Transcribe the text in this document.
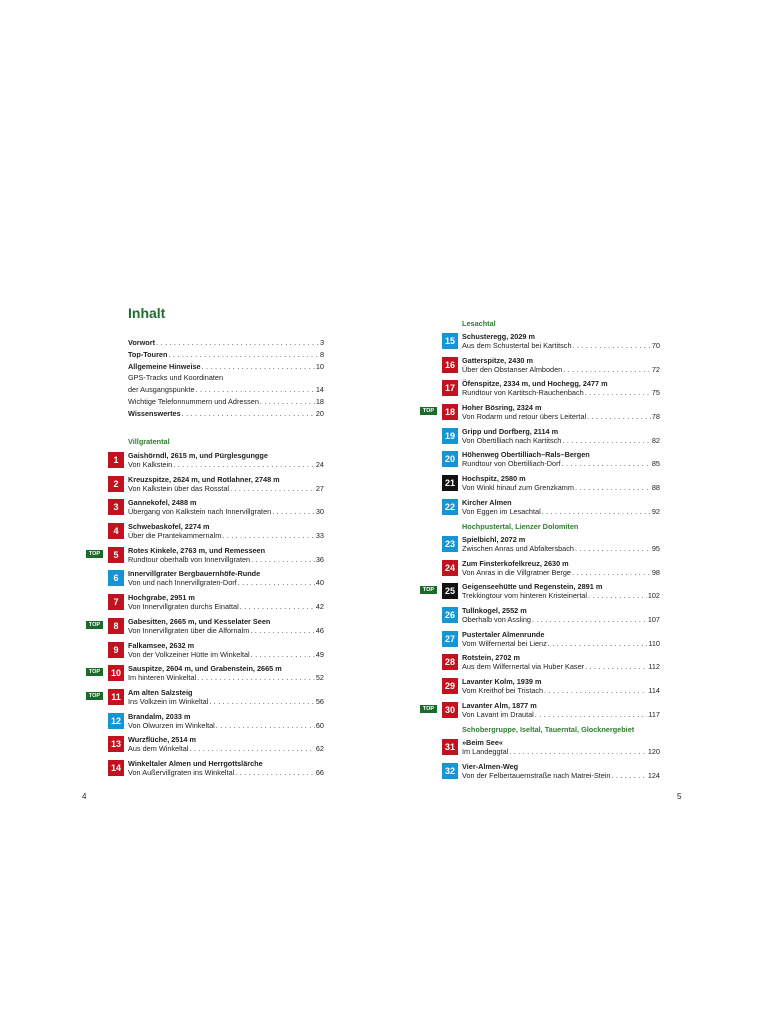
Inhalt
Vorwort . . .	3
Top-Touren . . .	8
Allgemeine Hinweise . . .	10
GPS-Tracks und Koordinaten
der Ausgangspunkte . . .	14
Wichtige Telefonnummern und Adressen . . .	18
Wissenswertes . . .	20
Villgratental
1	Gaishörndl, 2615 m, und Pürglesgungge
Von Kalkstein . . .	24
2	Kreuzspitze, 2624 m, und Rotlahner, 2748 m
Von Kalkstein über das Rosstal . . .	27
3	Gannekofel, 2488 m
Übergang von Kalkstein nach Innervillgraten . . .	30
4	Schwebaskofel, 2274 m
Über die Prantekammernalm . . .	33
TOP	5	Rotes Kinkele, 2763 m, und Remesseen
Rundtour oberhalb von Innervillgraten . . .	36
6	Innervillgrater Bergbauernhöfe-Runde
Von und nach Innervillgraten-Dorf . . .	40
7	Hochgrabe, 2951 m
Von Innervillgraten durchs Einattal . . .	42
TOP	8	Gabesitten, 2665 m, und Kesselater Seen
Von Innervillgraten über die Alfornalm . . .	46
9	Falkamsee, 2632 m
Von der Volkzeiner Hütte im Winkeltal . . .	49
TOP	10 Sauspitze, 2604 m, und Grabenstein, 2665 m
Im hinteren Winkeltal . . .	52
TOP	11 Am alten Salzsteig
Ins Volkzein im Winkeltal . . .	56
12 Brandalm, 2033 m
Von Olwurzen im Winkeltal . . .	60
13 Wurzflüche, 2514 m
Aus dem Winkeltal . . .	62
14 Winkeltaler Almen und Herrgottslärche
Von Außervillgraten ins Winkeltal . . .	66
4
Lesachtal
15 Schusteregg, 2029 m
Aus dem Schustertal bei Kartitsch . . .	70
16 Gatterspitze, 2430 m
Über den Obstanser Almboden . . .	72
17 Öfenspitze, 2334 m, und Hochegg, 2477 m
Rundtour von Kartitsch-Rauchenbach . . .	75
TOP	18 Hoher Bösring, 2324 m
Von Rodarm und retour übers Leitertal . . .	78
19 Gripp und Dorfberg, 2114 m
Von Obertilliach nach Kartitsch . . .	82
20 Höhenweg Obertilliach–Rals–Bergen
Rundtour von Obertilliach-Dorf . . .	85
21 Hochspitz, 2580 m
Von Winkl hinauf zum Grenzkamm . . .	88
22 Kircher Almen
Von Eggen im Lesachtal . . .	92
Hochpustertal, Lienzer Dolomiten
23 Spielbichl, 2072 m
Zwischen Anras und Abfaltersbach . . .	95
24 Zum Finsterkofelkreuz, 2630 m
Von Anras in die Villgratner Berge . . .	98
TOP	25 Geigenseehütte und Regenstein, 2891 m
Trekkingtour vom hinteren Kristeinertal . . .	102
26 Tullnkogel, 2552 m
Oberhalb von Assling . . .	107
27 Pustertaler Almenrunde
Vom Wilfernertal bei Lienz . . .	110
28 Rotstein, 2702 m
Aus dem Wilfernertal via Huber Kaser . . .	112
29 Lavanter Kolm, 1939 m
Vom Kreithof bei Tristach . . .	114
TOP	30 Lavanter Alm, 1877 m
Von Lavant im Drautal . . .	117
Schobergruppe, Iseltal, Tauerntal, Glocknergebiet
31 »Beim See«
Im Landeggtal . . .	120
32 Vier-Almen-Weg
Von der Felbertauernstraße nach Matrei-Stein . . .	124
5
